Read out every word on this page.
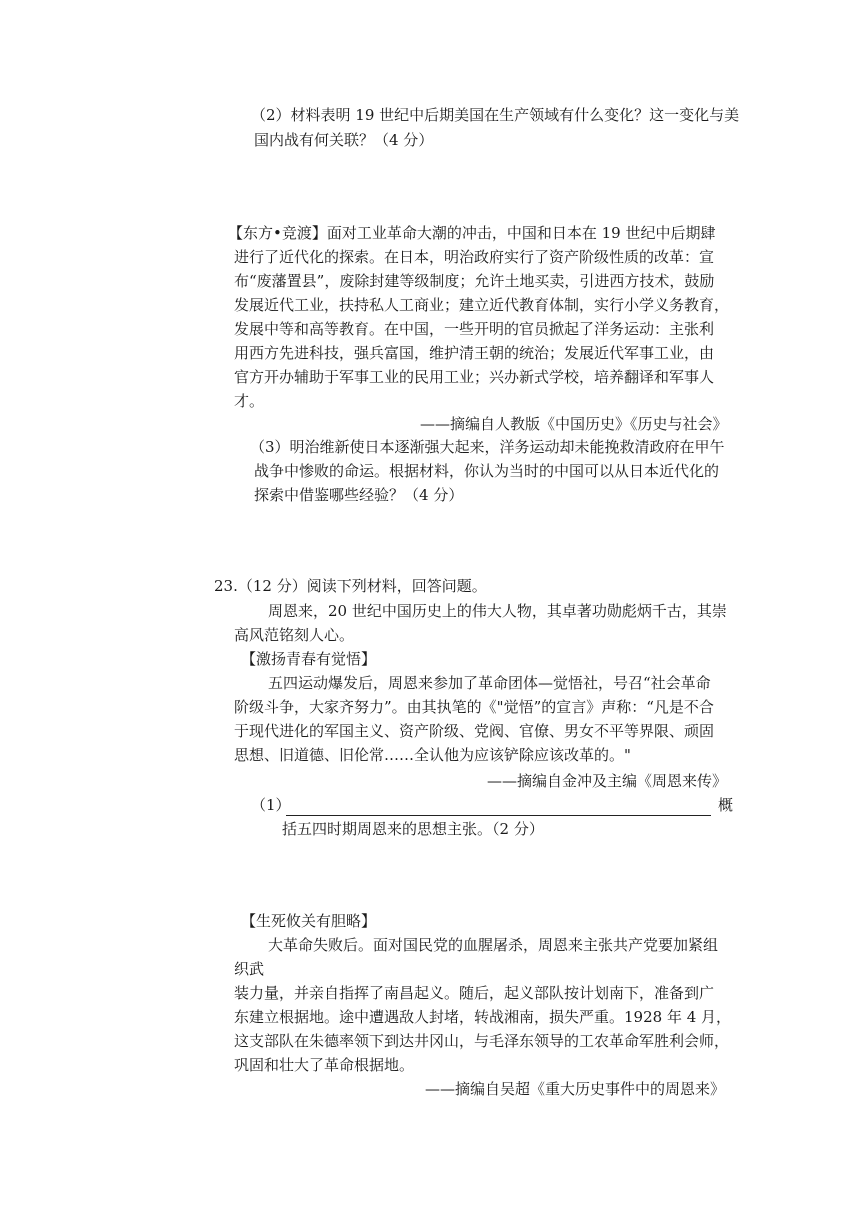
（2）材料表明 19 世纪中后期美国在生产领域有什么变化？这一变化与美
国内战有何关联？（4 分）
【东方•竞渡】面对工业革命大潮的冲击，中国和日本在 19 世纪中后期肆
进行了近代化的探索。在日本，明治政府实行了资产阶级性质的改革：宣
布“废藩置县”，废除封建等级制度；允许土地买卖，引进西方技术，鼓励
发展近代工业，扶持私人工商业；建立近代教育体制，实行小学义务教育，
发展中等和高等教育。在中国，一些开明的官员掀起了洋务运动：主张利
用西方先进科技，强兵富国，维护清王朝的统治；发展近代军事工业，由
官方开办辅助于军事工业的民用工业；兴办新式学校，培养翻译和军事人
才。
——摘编自人教版《中国历史》《历史与社会》
（3）明治维新使日本逐渐强大起来，洋务运动却未能挽救清政府在甲午
战争中惨败的命运。根据材料，你认为当时的中国可以从日本近代化的
探索中借鉴哪些经验？（4 分）
23.（12 分）阅读下列材料，回答问题。
周恩来，20 世纪中国历史上的伟大人物，其卓著功勋彪炳千古，其崇
高风范铭刻人心。
【激扬青春有觉悟】
五四运动爆发后，周恩来参加了革命团体—觉悟社，号召“社会革命
阶级斗争，大家齐努力”。由其执笔的《"觉悟”的宣言》声称：“凡是不合
于现代进化的军国主义、资产阶级、党阀、官僚、男女不平等界限、顽固
思想、旧道德、旧伦常……全认他为应该铲除应该改革的。"
——摘编自金冲及主编《周恩来传》
（1）	概
括五四时期周恩来的思想主张。（2 分）
【生死攸关有胆略】
大革命失败后。面对国民党的血腥屠杀，周恩来主张共产党要加紧组
织武
装力量，并亲自指挥了南昌起义。随后，起义部队按计划南下，准备到广
东建立根据地。途中遭遇敌人封堵，转战湘南，损失严重。1928 年 4 月，
这支部队在朱德率领下到达井冈山，与毛泽东领导的工农革命军胜利会师，
巩固和壮大了革命根据地。
——摘编自吴超《重大历史事件中的周恩来》
